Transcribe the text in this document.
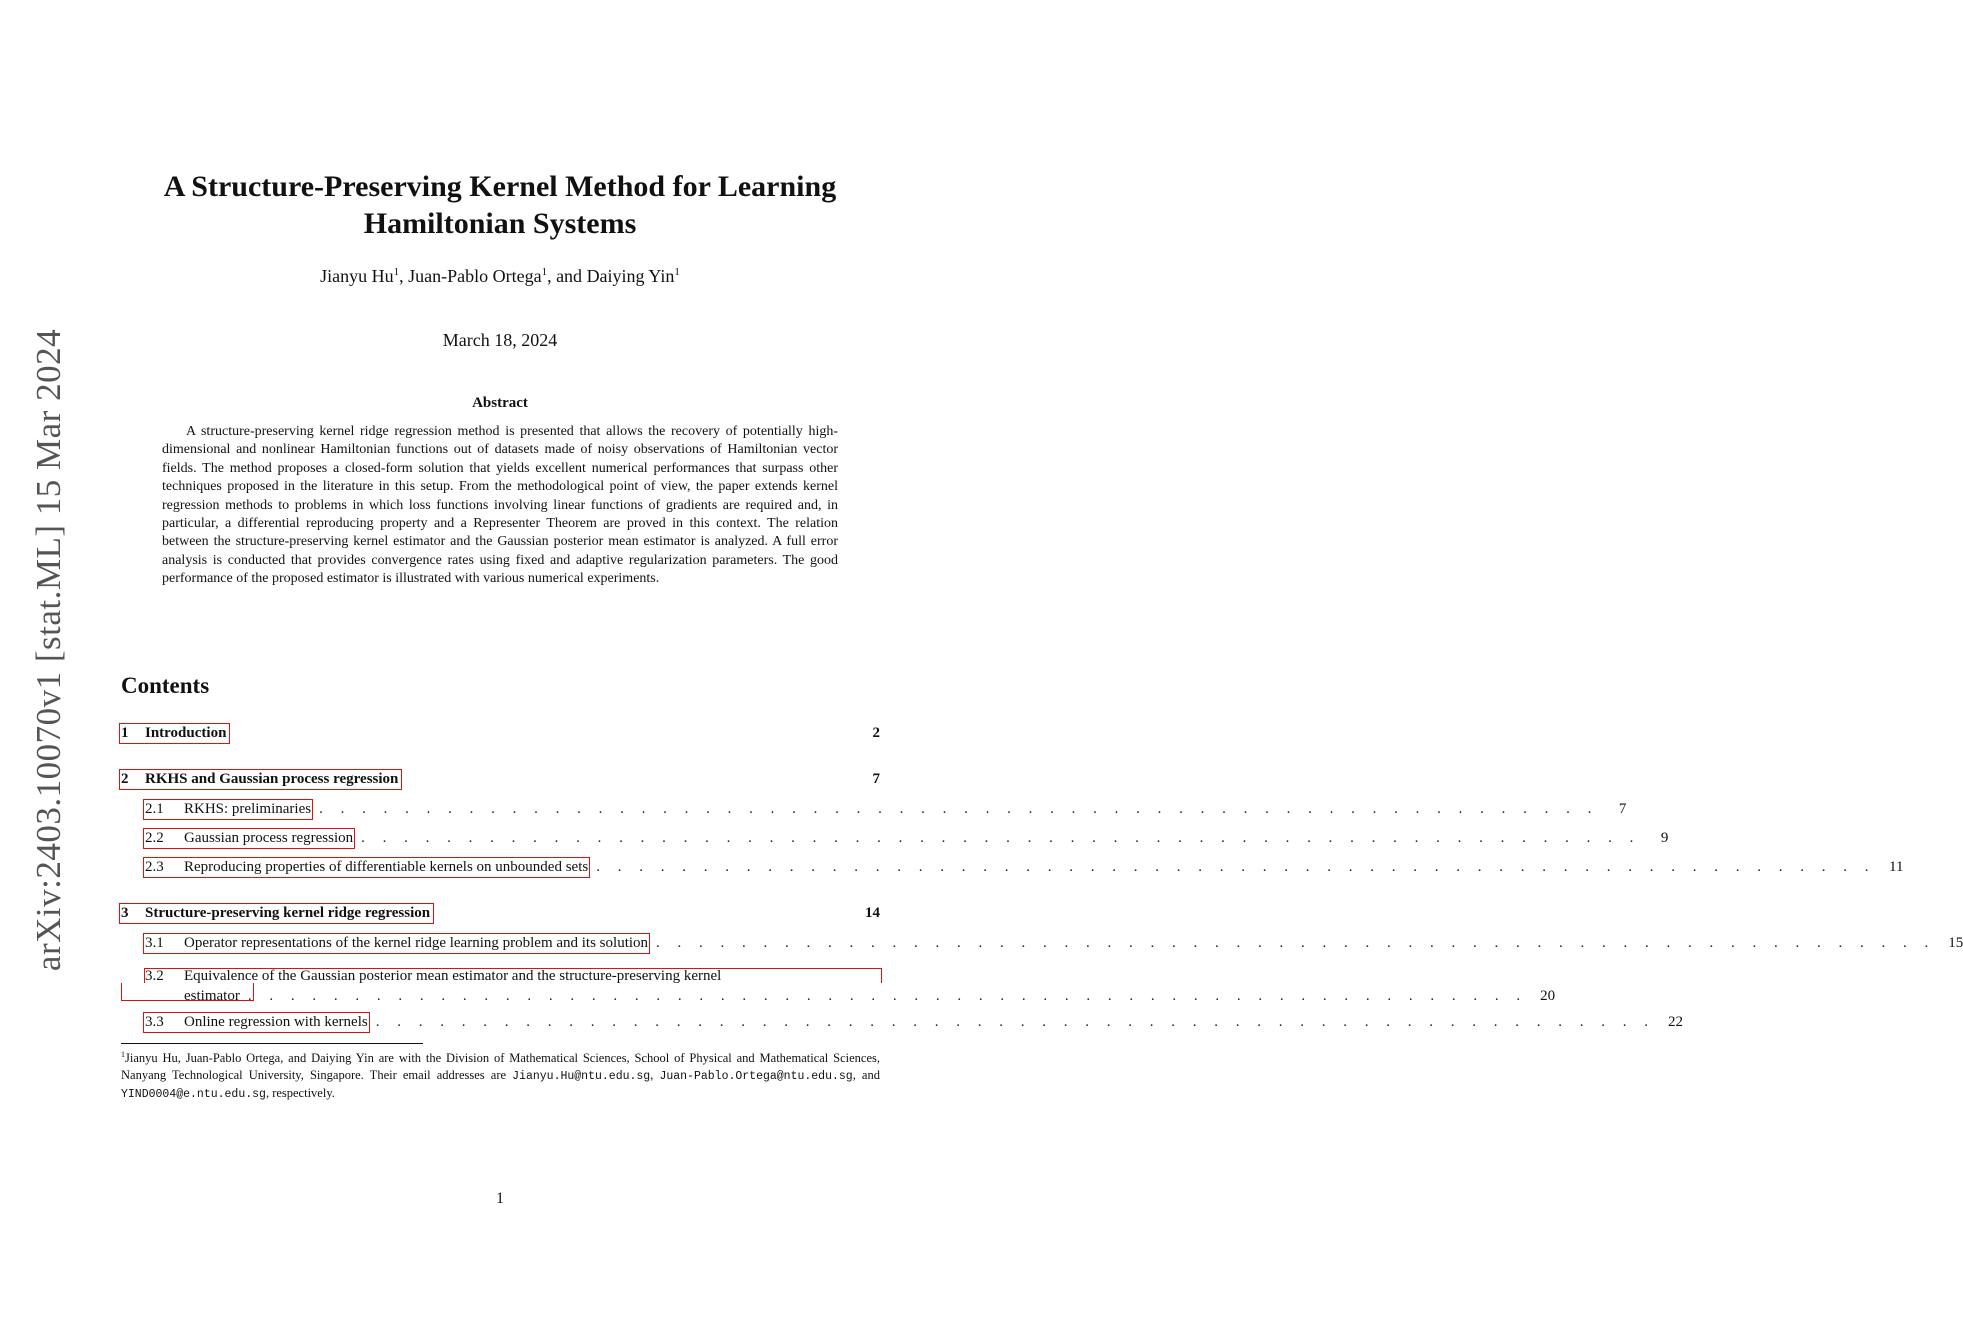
arXiv:2403.10070v1 [stat.ML] 15 Mar 2024
A Structure-Preserving Kernel Method for Learning
Hamiltonian Systems
Jianyu Hu$^1$, Juan-Pablo Ortega$^1$, and Daiying Yin$^1$
March 18, 2024
Abstract

A structure-preserving kernel ridge regression method is presented that allows the recovery of potentially high-dimensional and nonlinear Hamiltonian functions out of datasets made of noisy observations of Hamiltonian vector fields. The method proposes a closed-form solution that yields excellent numerical performances that surpass other techniques proposed in the literature in this setup. From the methodological point of view, the paper extends kernel regression methods to problems in which loss functions involving linear functions of gradients are required and, in particular, a differential reproducing property and a Representer Theorem are proved in this context. The relation between the structure-preserving kernel estimator and the Gaussian posterior mean estimator is analyzed. A full error analysis is conducted that provides convergence rates using fixed and adaptive regularization parameters. The good performance of the proposed estimator is illustrated with various numerical experiments.

Contents
1 Introduction	2
2 RKHS and Gaussian process regression	7
2.1 RKHS: preliminaries . . . . . . . . . . . . . . . . . . . . . . . . . . . . . . . . . . . . . . . . . . . . . . . . . . . . . . . . . . . .	7
2.2 Gaussian process regression . . . . . . . . . . . . . . . . . . . . . . . . . . . . . . . . . . . . . . . . . . . . . . . . . . . . . . . . . . . .	9
2.3 Reproducing properties of differentiable kernels on unbounded sets . . . . . . . . . . . . . . . . . . . . . . . . . . . . . . . . . . . . . . . . . . . . . . . . . . . . . . . . . . . . 11
3 Structure-preserving kernel ridge regression	14
3.1 Operator representations of the kernel ridge learning problem and its solution . . . . . . . . . . . . . . . . . . . . . . . . . . . . . . . . . . . . . . . . . . . . . . . . . . . . . . . . . . . . 15
3.2 Equivalence of the Gaussian posterior mean estimator and the structure-preserving kernel
estimator . . . . . . . . . . . . . . . . . . . . . . . . . . . . . . . . . . . . . . . . . . . . . . . . . . . . . . . . . . . . 20
3.3 Online regression with kernels . . . . . . . . . . . . . . . . . . . . . . . . . . . . . . . . . . . . . . . . . . . . . . . . . . . . . . . . . . . . 22

$^1$Jianyu Hu, Juan-Pablo Ortega, and Daiying Yin are with the Division of Mathematical Sciences, School of Physical and Mathematical Sciences, Nanyang Technological University, Singapore. Their email addresses are Jianyu.Hu@ntu.edu.sg, Juan-Pablo.Ortega@ntu.edu.sg, and YIND0004@e.ntu.edu.sg, respectively.

1
